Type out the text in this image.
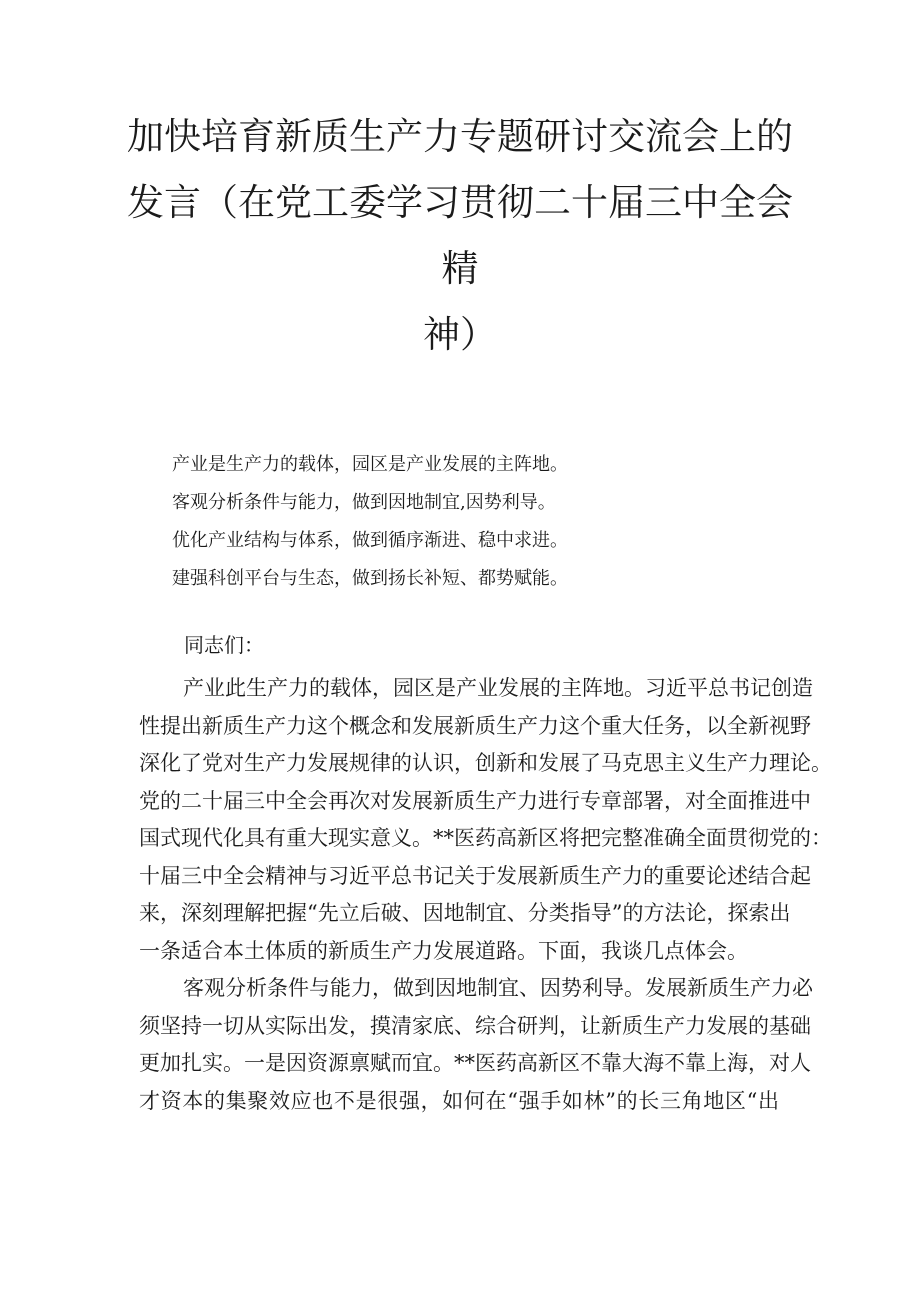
加快培育新质生产力专题研讨交流会上的
发言（在党工委学习贯彻二十届三中全会
精
神）
产业是生产力的载体，园区是产业发展的主阵地。
客观分析条件与能力，做到因地制宜,因势利导。
优化产业结构与体系，做到循序渐进、稳中求进。
建强科创平台与生态，做到扬长补短、都势赋能。
同志们：
产业此生产力的载体，园区是产业发展的主阵地。习近平总书记创造
性提出新质生产力这个概念和发展新质生产力这个重大任务，以全新视野
深化了党对生产力发展规律的认识，创新和发展了马克思主义生产力理论。
党的二十届三中全会再次对发展新质生产力进行专章部署，对全面推进中
国式现代化具有重大现实意义。**医药高新区将把完整准确全面贯彻党的：
十届三中全会精神与习近平总书记关于发展新质生产力的重要论述结合起
来，深刻理解把握“先立后破、因地制宜、分类指导”的方法论，探索出
一条适合本土体质的新质生产力发展道路。下面，我谈几点体会。
客观分析条件与能力，做到因地制宜、因势利导。发展新质生产力必
须坚持一切从实际出发，摸清家底、综合研判，让新质生产力发展的基础
更加扎实。一是因资源禀赋而宜。**医药高新区不靠大海不靠上海，对人
才资本的集聚效应也不是很强，如何在“强手如林”的长三角地区“出
